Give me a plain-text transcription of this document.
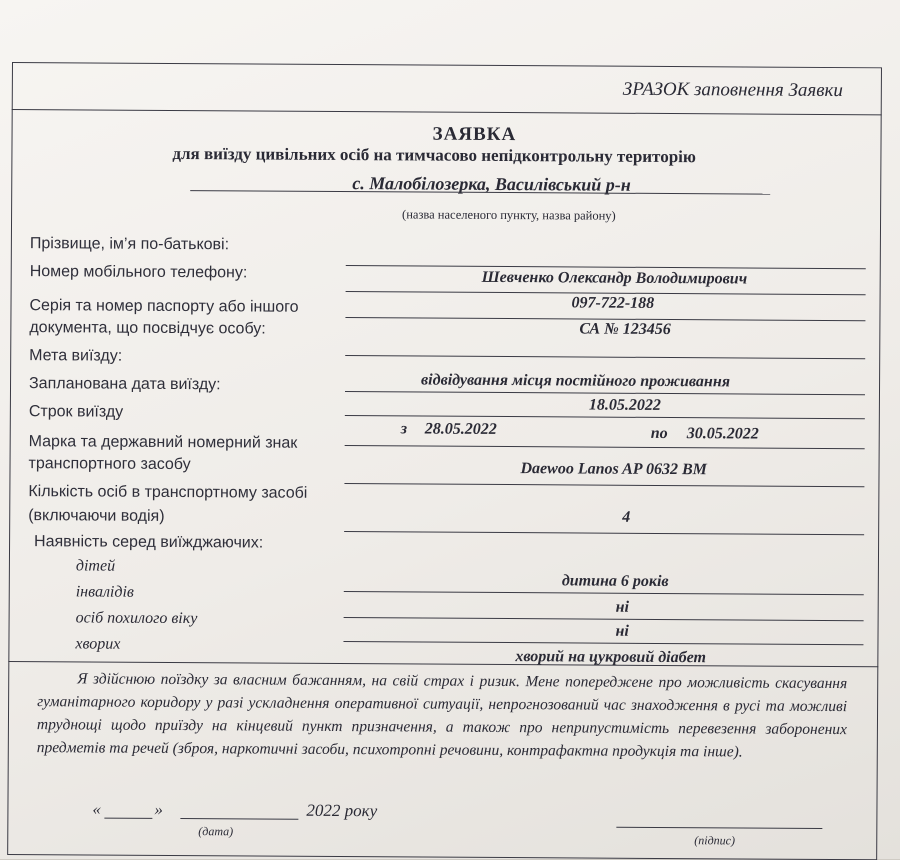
ЗРАЗОК заповнення Заявки
ЗАЯВКА
для виїзду цивільних осіб на тимчасово непідконтрольну територію
с. Малобілозерка, Василівський р-н
(назва населеного пункту, назва району)
Прізвище, ім’я по-батькові:
Шевченко Олександр Володимирович
Номер мобільного телефону:
097-722-188
Серія та номер паспорту або іншого
документа, що посвідчує особу:	СА № 123456
Мета виїзду:
відвідування місця постійного проживання
Запланована дата виїзду:
18.05.2022
Строк виїзду
з 28.05.2022	по 30.05.2022
Марка та державний номерний знак
транспортного засобу	Daewoo Lanos AP 0632 BM
Кількість осіб в транспортному засобі
(включаючи водія)	4
Наявність серед виїжджаючих:
дітей
дитина 6 років
інвалідів
ні
осіб похилого віку
ні
хворих
хворий на цукровий діабет
Я здійснюю поїздку за власним бажанням, на свій страх і ризик. Мене попереджене про можливість скасування гуманітарного коридору у разі ускладнення оперативної ситуації, непрогнозований час знаходження в русі та можливі труднощі щодо приїзду на кінцевий пункт призначення, а також про неприпустимість перевезення заборонених предметів та речей (зброя, наркотичні засоби, психотропні речовини, контрафактна продукція та інше).
«	»	2022 року
(дата)
(підпис)
